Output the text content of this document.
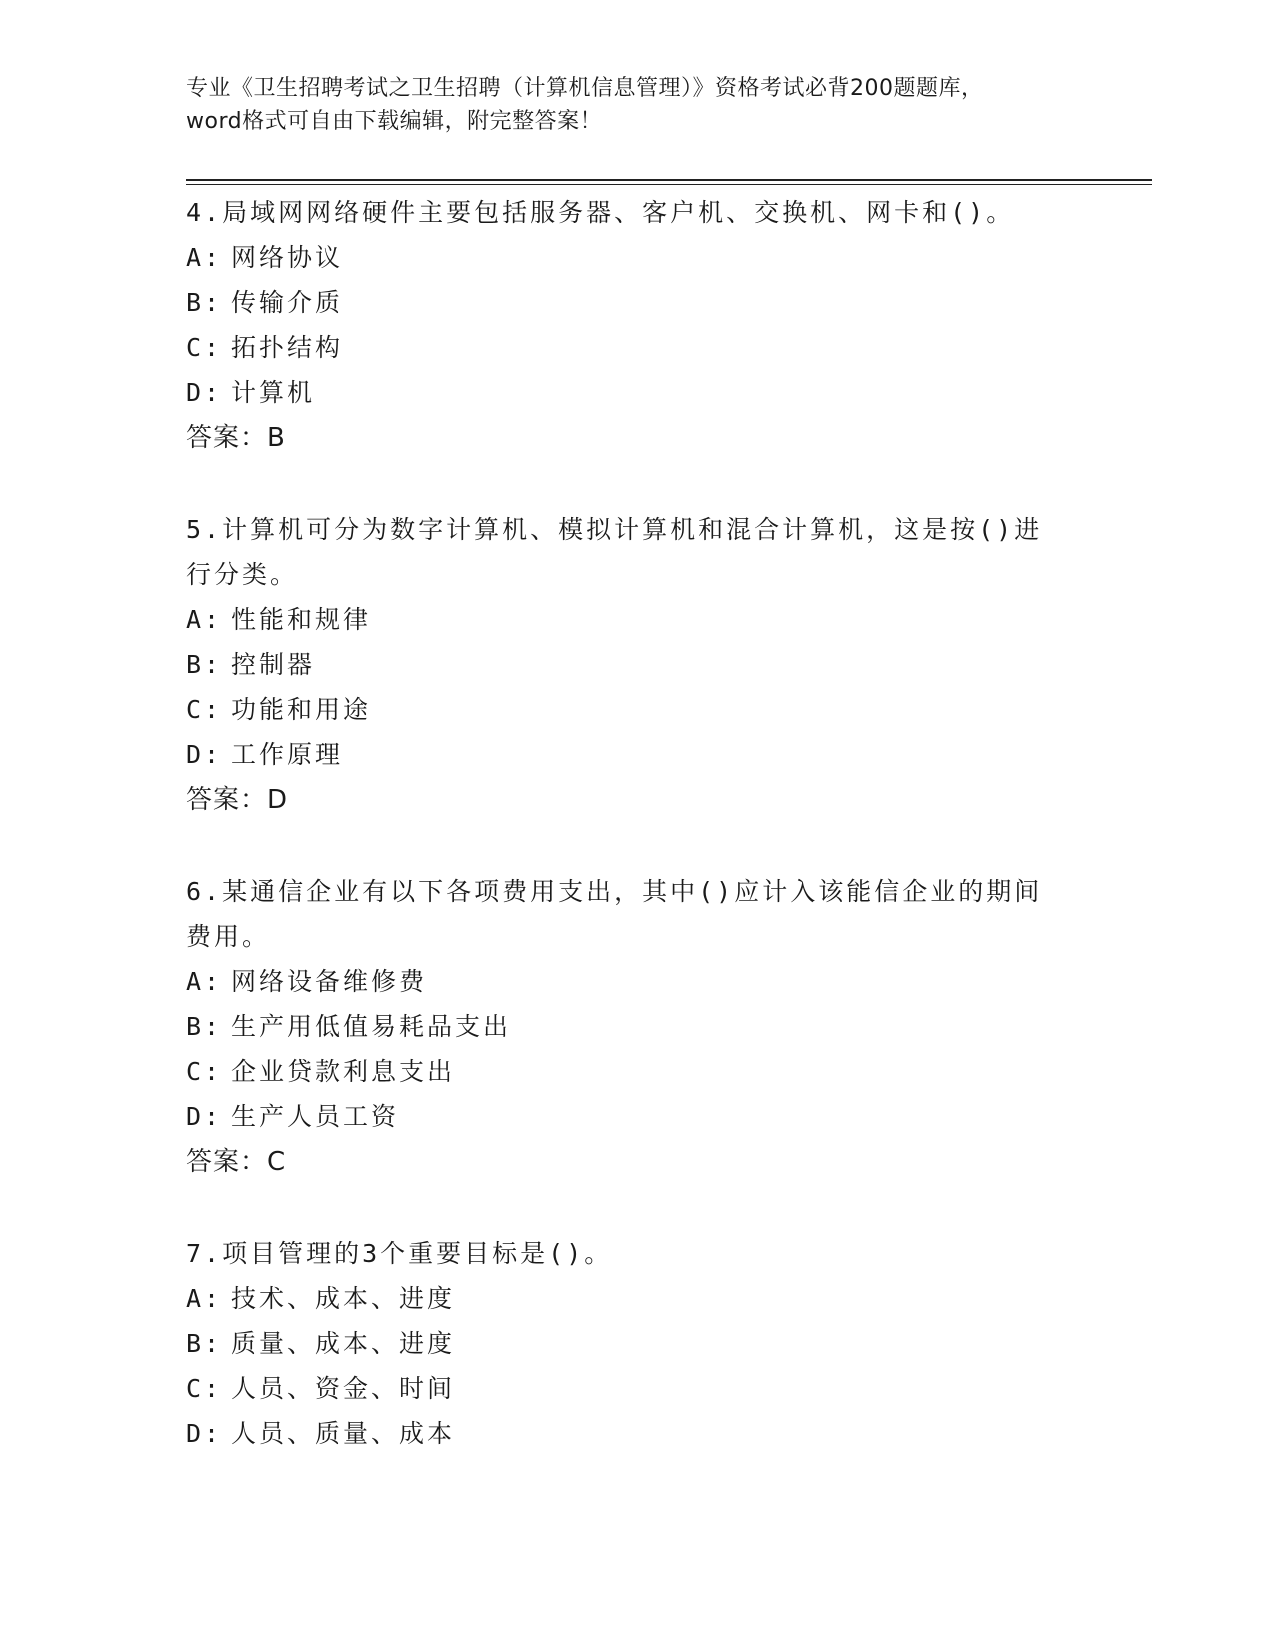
专业《卫生招聘考试之卫生招聘（计算机信息管理）》资格考试必背200题题库，
word格式可自由下载编辑，附完整答案！
4.局域网网络硬件主要包括服务器、客户机、交换机、网卡和()。
A: 网络协议
B: 传输介质
C: 拓扑结构
D: 计算机
答案：B
5.计算机可分为数字计算机、模拟计算机和混合计算机，这是按()进行分类。
A: 性能和规律
B: 控制器
C: 功能和用途
D: 工作原理
答案：D
6.某通信企业有以下各项费用支出，其中()应计入该能信企业的期间费用。
A: 网络设备维修费
B: 生产用低值易耗品支出
C: 企业贷款利息支出
D: 生产人员工资
答案：C
7.项目管理的3个重要目标是()。
A: 技术、成本、进度
B: 质量、成本、进度
C: 人员、资金、时间
D: 人员、质量、成本
